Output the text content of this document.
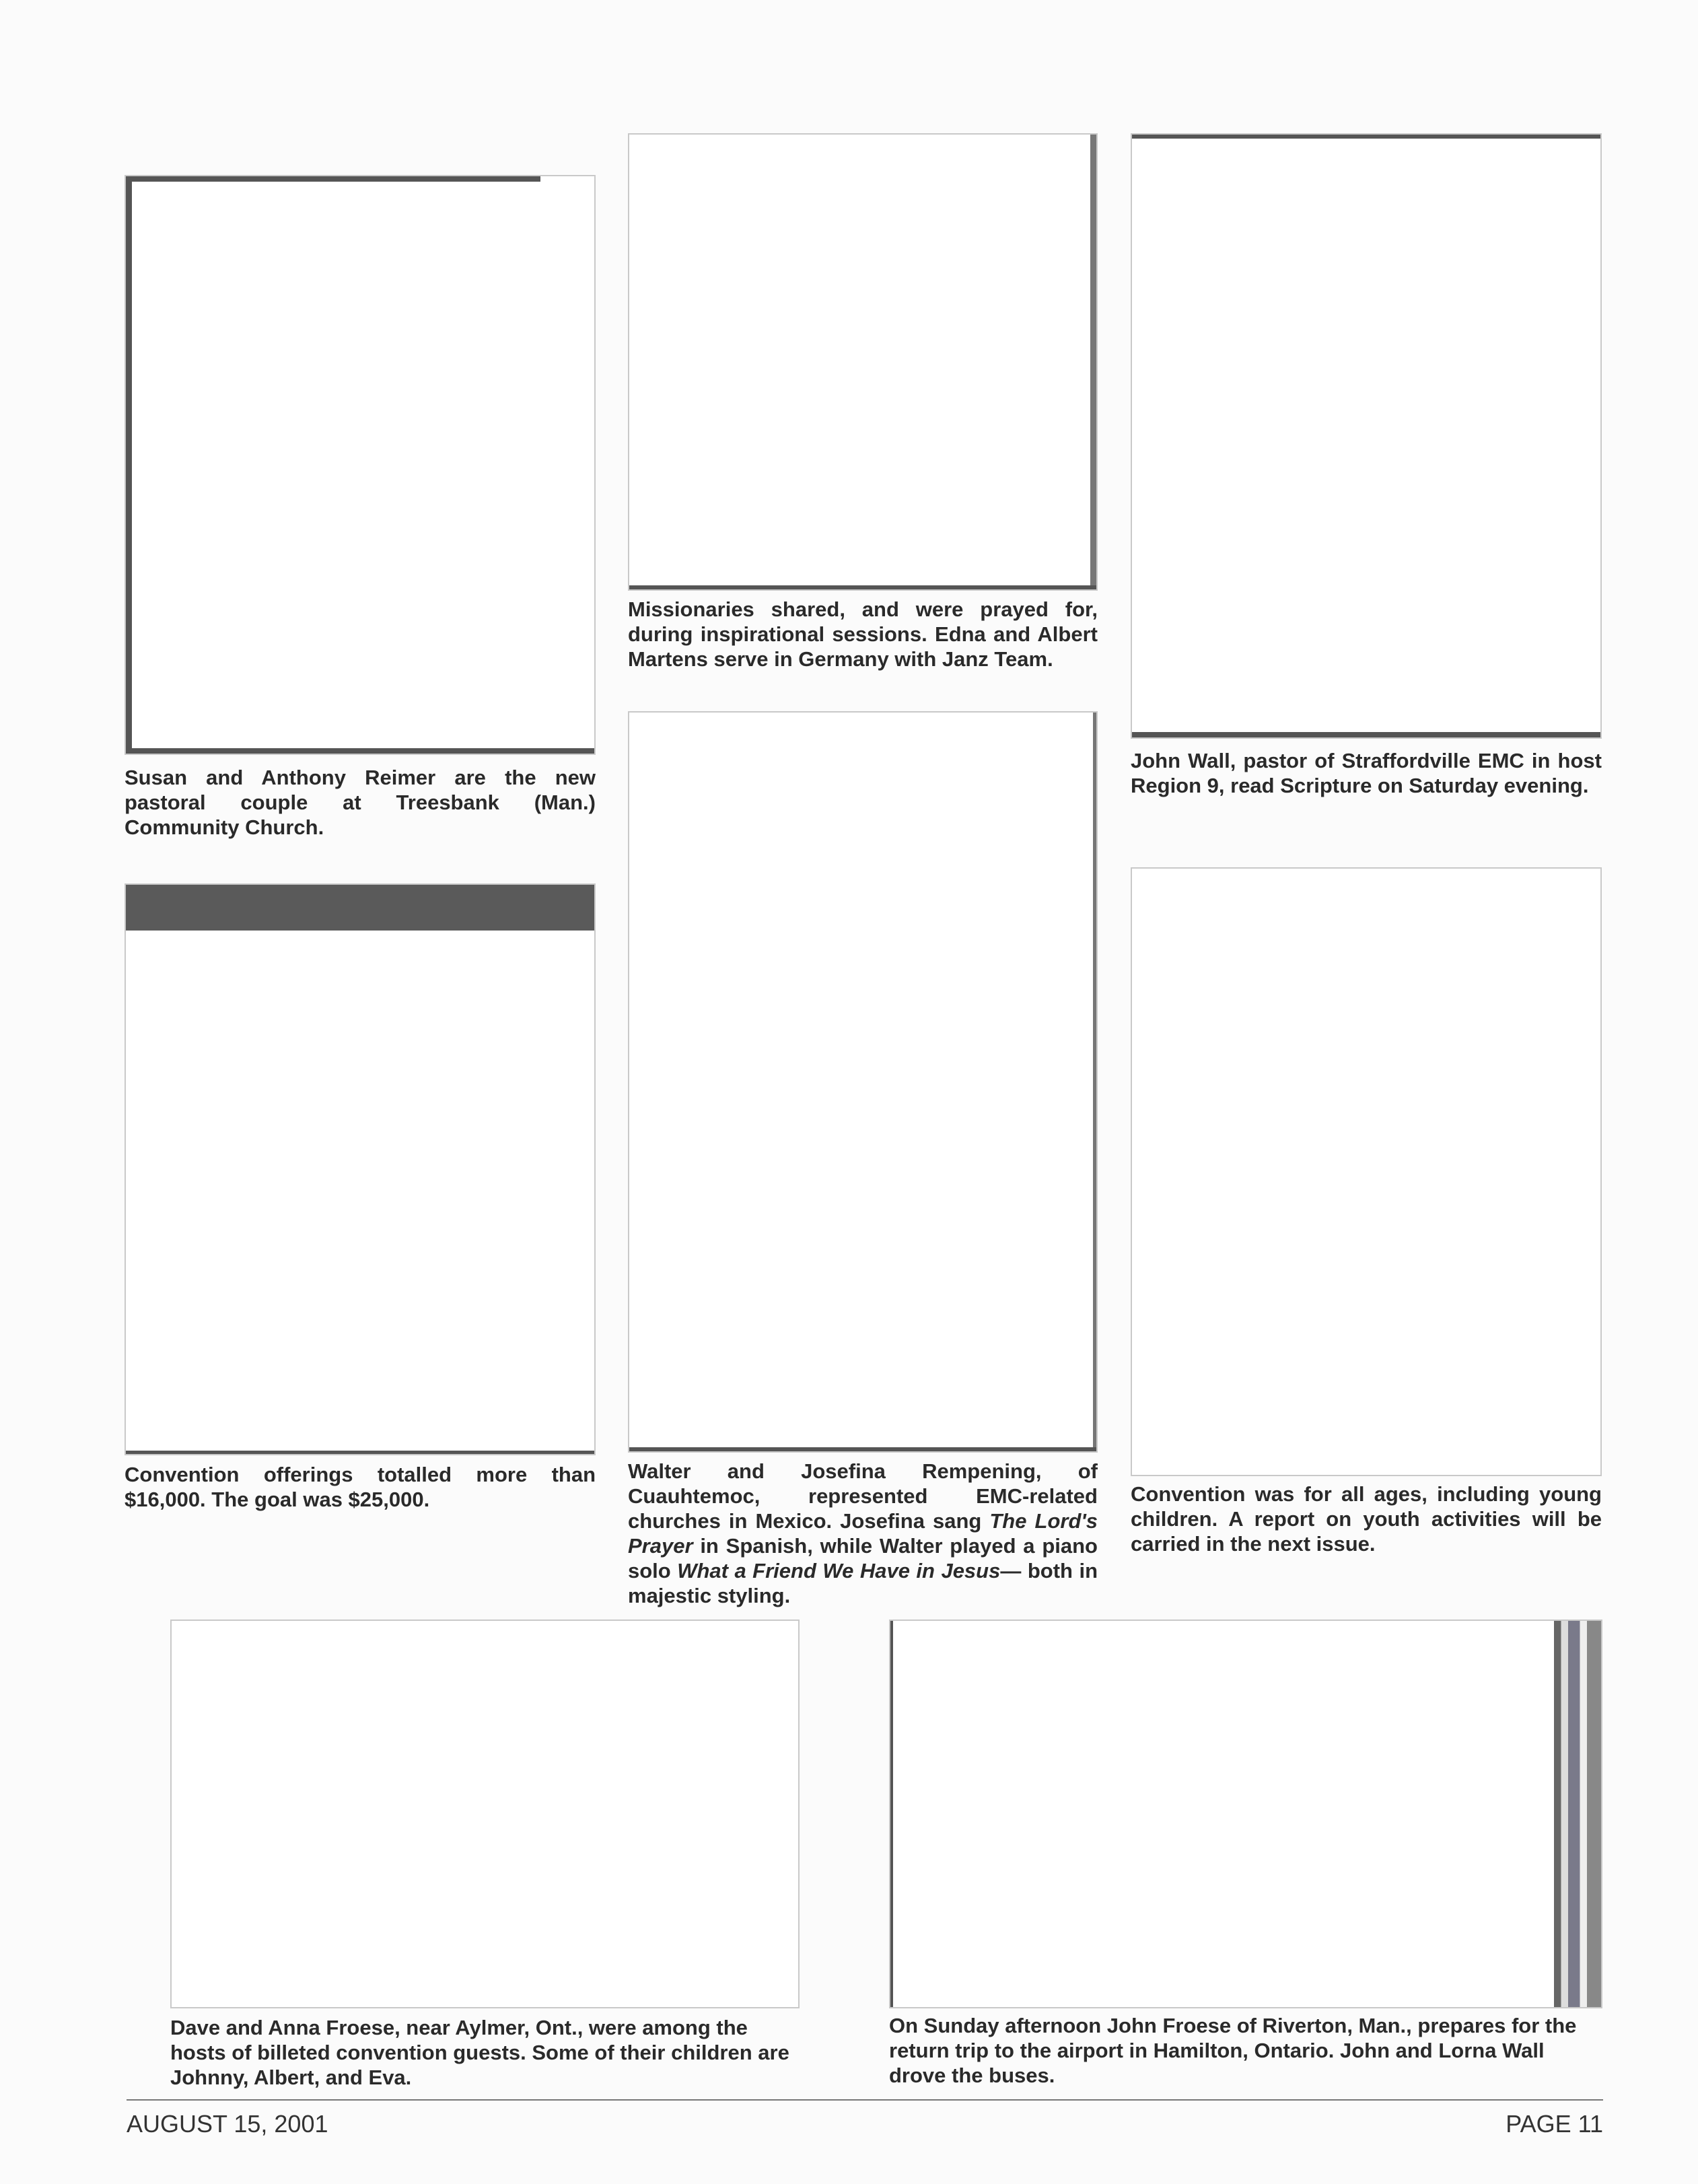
Susan and Anthony Reimer are the new pastoral couple at Treesbank (Man.) Community Church.

Missionaries shared, and were prayed for, during inspirational sessions. Edna and Albert Martens serve in Germany with Janz Team.

John Wall, pastor of Straffordville EMC in host Region 9, read Scripture on Saturday evening.

Convention offerings totalled more than $16,000. The goal was $25,000.

Walter and Josefina Rempening, of Cuauhtemoc, represented EMC-related churches in Mexico. Josefina sang The Lord's Prayer in Spanish, while Walter played a piano solo What a Friend We Have in Jesus— both in majestic styling.

Convention was for all ages, including young children. A report on youth activities will be carried in the next issue.

Dave and Anna Froese, near Aylmer, Ont., were among the hosts of billeted convention guests. Some of their children are Johnny, Albert, and Eva.

On Sunday afternoon John Froese of Riverton, Man., prepares for the return trip to the airport in Hamilton, Ontario. John and Lorna Wall drove the buses.

AUGUST 15, 2001	PAGE 11
